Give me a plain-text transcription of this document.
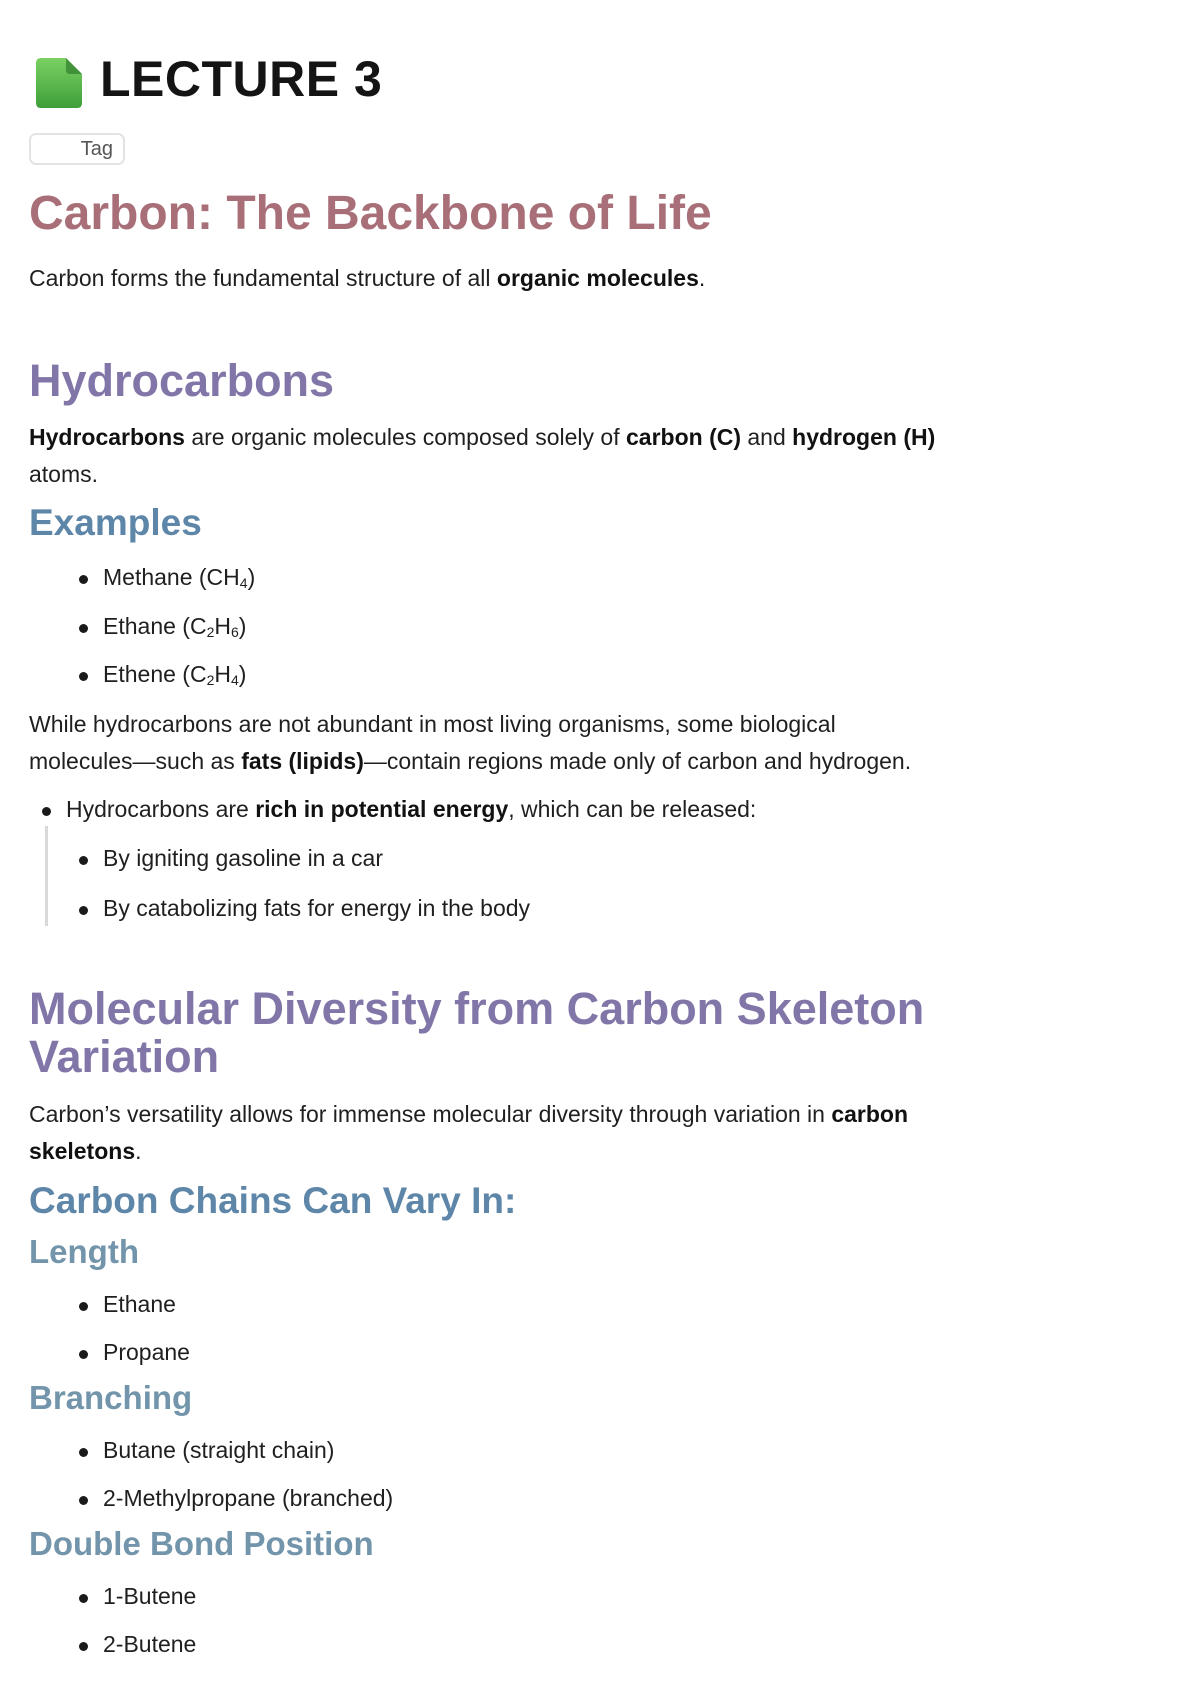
LECTURE 3
Tag
Carbon: The Backbone of Life
Carbon forms the fundamental structure of all organic molecules.
Hydrocarbons
Hydrocarbons are organic molecules composed solely of carbon (C) and hydrogen (H)
atoms.
Examples
Methane $(CH_4)$
Ethane $(C_2H_6)$
Ethene $(C_2H_4)$
While hydrocarbons are not abundant in most living organisms, some biological
molecules—such as fats (lipids)—contain regions made only of carbon and hydrogen.
Hydrocarbons are rich in potential energy, which can be released:
By igniting gasoline in a car
By catabolizing fats for energy in the body
Molecular Diversity from Carbon Skeleton
Variation
Carbon’s versatility allows for immense molecular diversity through variation in carbon
skeletons.
Carbon Chains Can Vary In:
Length
Ethane
Propane
Branching
Butane (straight chain)
2-Methylpropane (branched)
Double Bond Position
1-Butene
2-Butene
